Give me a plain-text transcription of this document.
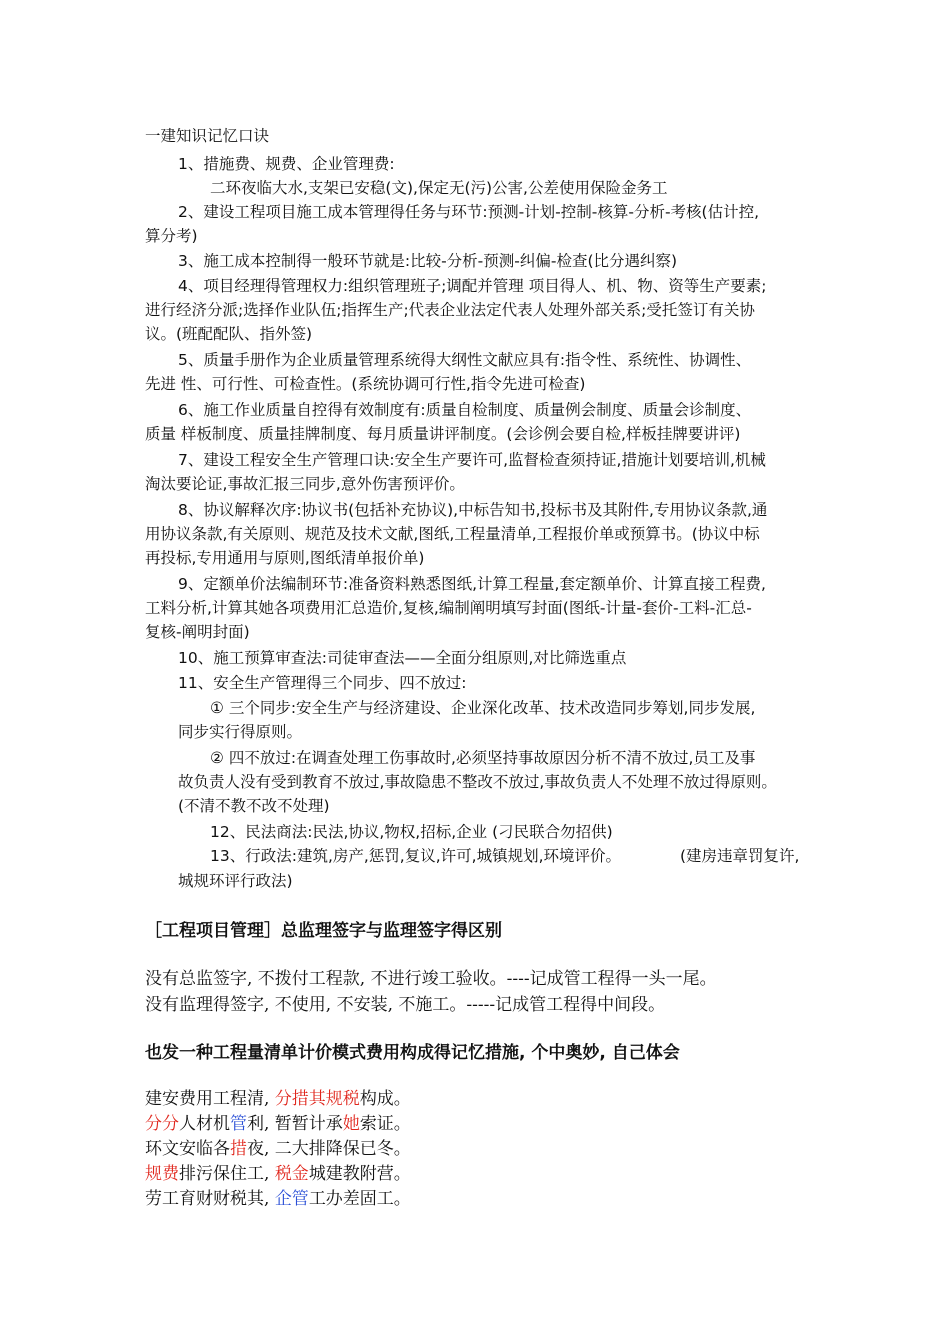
一建知识记忆口诀
1、措施费、规费、企业管理费:
二环夜临大水,支架已安稳(文),保定无(污)公害,公差使用保险金务工
2、建设工程项目施工成本管理得任务与环节:预测-计划-控制-核算-分析-考核(估计控,
算分考)
3、施工成本控制得一般环节就是:比较-分析-预测-纠偏-检查(比分遇纠察)
4、项目经理得管理权力:组织管理班子;调配并管理 项目得人、机、物、资等生产要素;
进行经济分派;选择作业队伍;指挥生产;代表企业法定代表人处理外部关系;受托签订有关协
议。(班配配队、指外签)
5、质量手册作为企业质量管理系统得大纲性文献应具有:指令性、系统性、协调性、
先进 性、可行性、可检查性。(系统协调可行性,指令先进可检查)
6、施工作业质量自控得有效制度有:质量自检制度、质量例会制度、质量会诊制度、
质量 样板制度、质量挂牌制度、每月质量讲评制度。(会诊例会要自检,样板挂牌要讲评)
7、建设工程安全生产管理口诀:安全生产要许可,监督检查须持证,措施计划要培训,机械
淘汰要论证,事故汇报三同步,意外伤害预评价。
8、协议解释次序:协议书(包括补充协议),中标告知书,投标书及其附件,专用协议条款,通
用协议条款,有关原则、规范及技术文献,图纸,工程量清单,工程报价单或预算书。(协议中标
再投标,专用通用与原则,图纸清单报价单)
9、定额单价法编制环节:准备资料熟悉图纸,计算工程量,套定额单价、计算直接工程费,
工料分析,计算其她各项费用汇总造价,复核,编制阐明填写封面(图纸-计量-套价-工料-汇总-
复核-阐明封面)
10、施工预算审查法:司徒审查法——全面分组原则,对比筛选重点
11、安全生产管理得三个同步、四不放过:
① 三个同步:安全生产与经济建设、企业深化改革、技术改造同步筹划,同步发展,
同步实行得原则。
② 四不放过:在调查处理工伤事故时,必须坚持事故原因分析不清不放过,员工及事
故负责人没有受到教育不放过,事故隐患不整改不放过,事故负责人不处理不放过得原则。
(不清不教不改不处理)
12、民法商法:民法,协议,物权,招标,企业 (刁民联合勿招供)
13、行政法:建筑,房产,惩罚,复议,许可,城镇规划,环境评价。	(建房违章罚复许,
城规环评行政法)
［工程项目管理］总监理签字与监理签字得区别
没有总监签字, 不拨付工程款, 不进行竣工验收。----记成管工程得一头一尾。
没有监理得签字, 不使用, 不安装, 不施工。-----记成管工程得中间段。
也发一种工程量清单计价模式费用构成得记忆措施, 个中奥妙, 自己体会
建安费用工程清, 分措其规税构成。
分分人材机管利, 暂暂计承她索证。
环文安临各措夜, 二大排降保已冬。
规费排污保住工, 税金城建教附营。
劳工育财财税其, 企管工办差固工。
